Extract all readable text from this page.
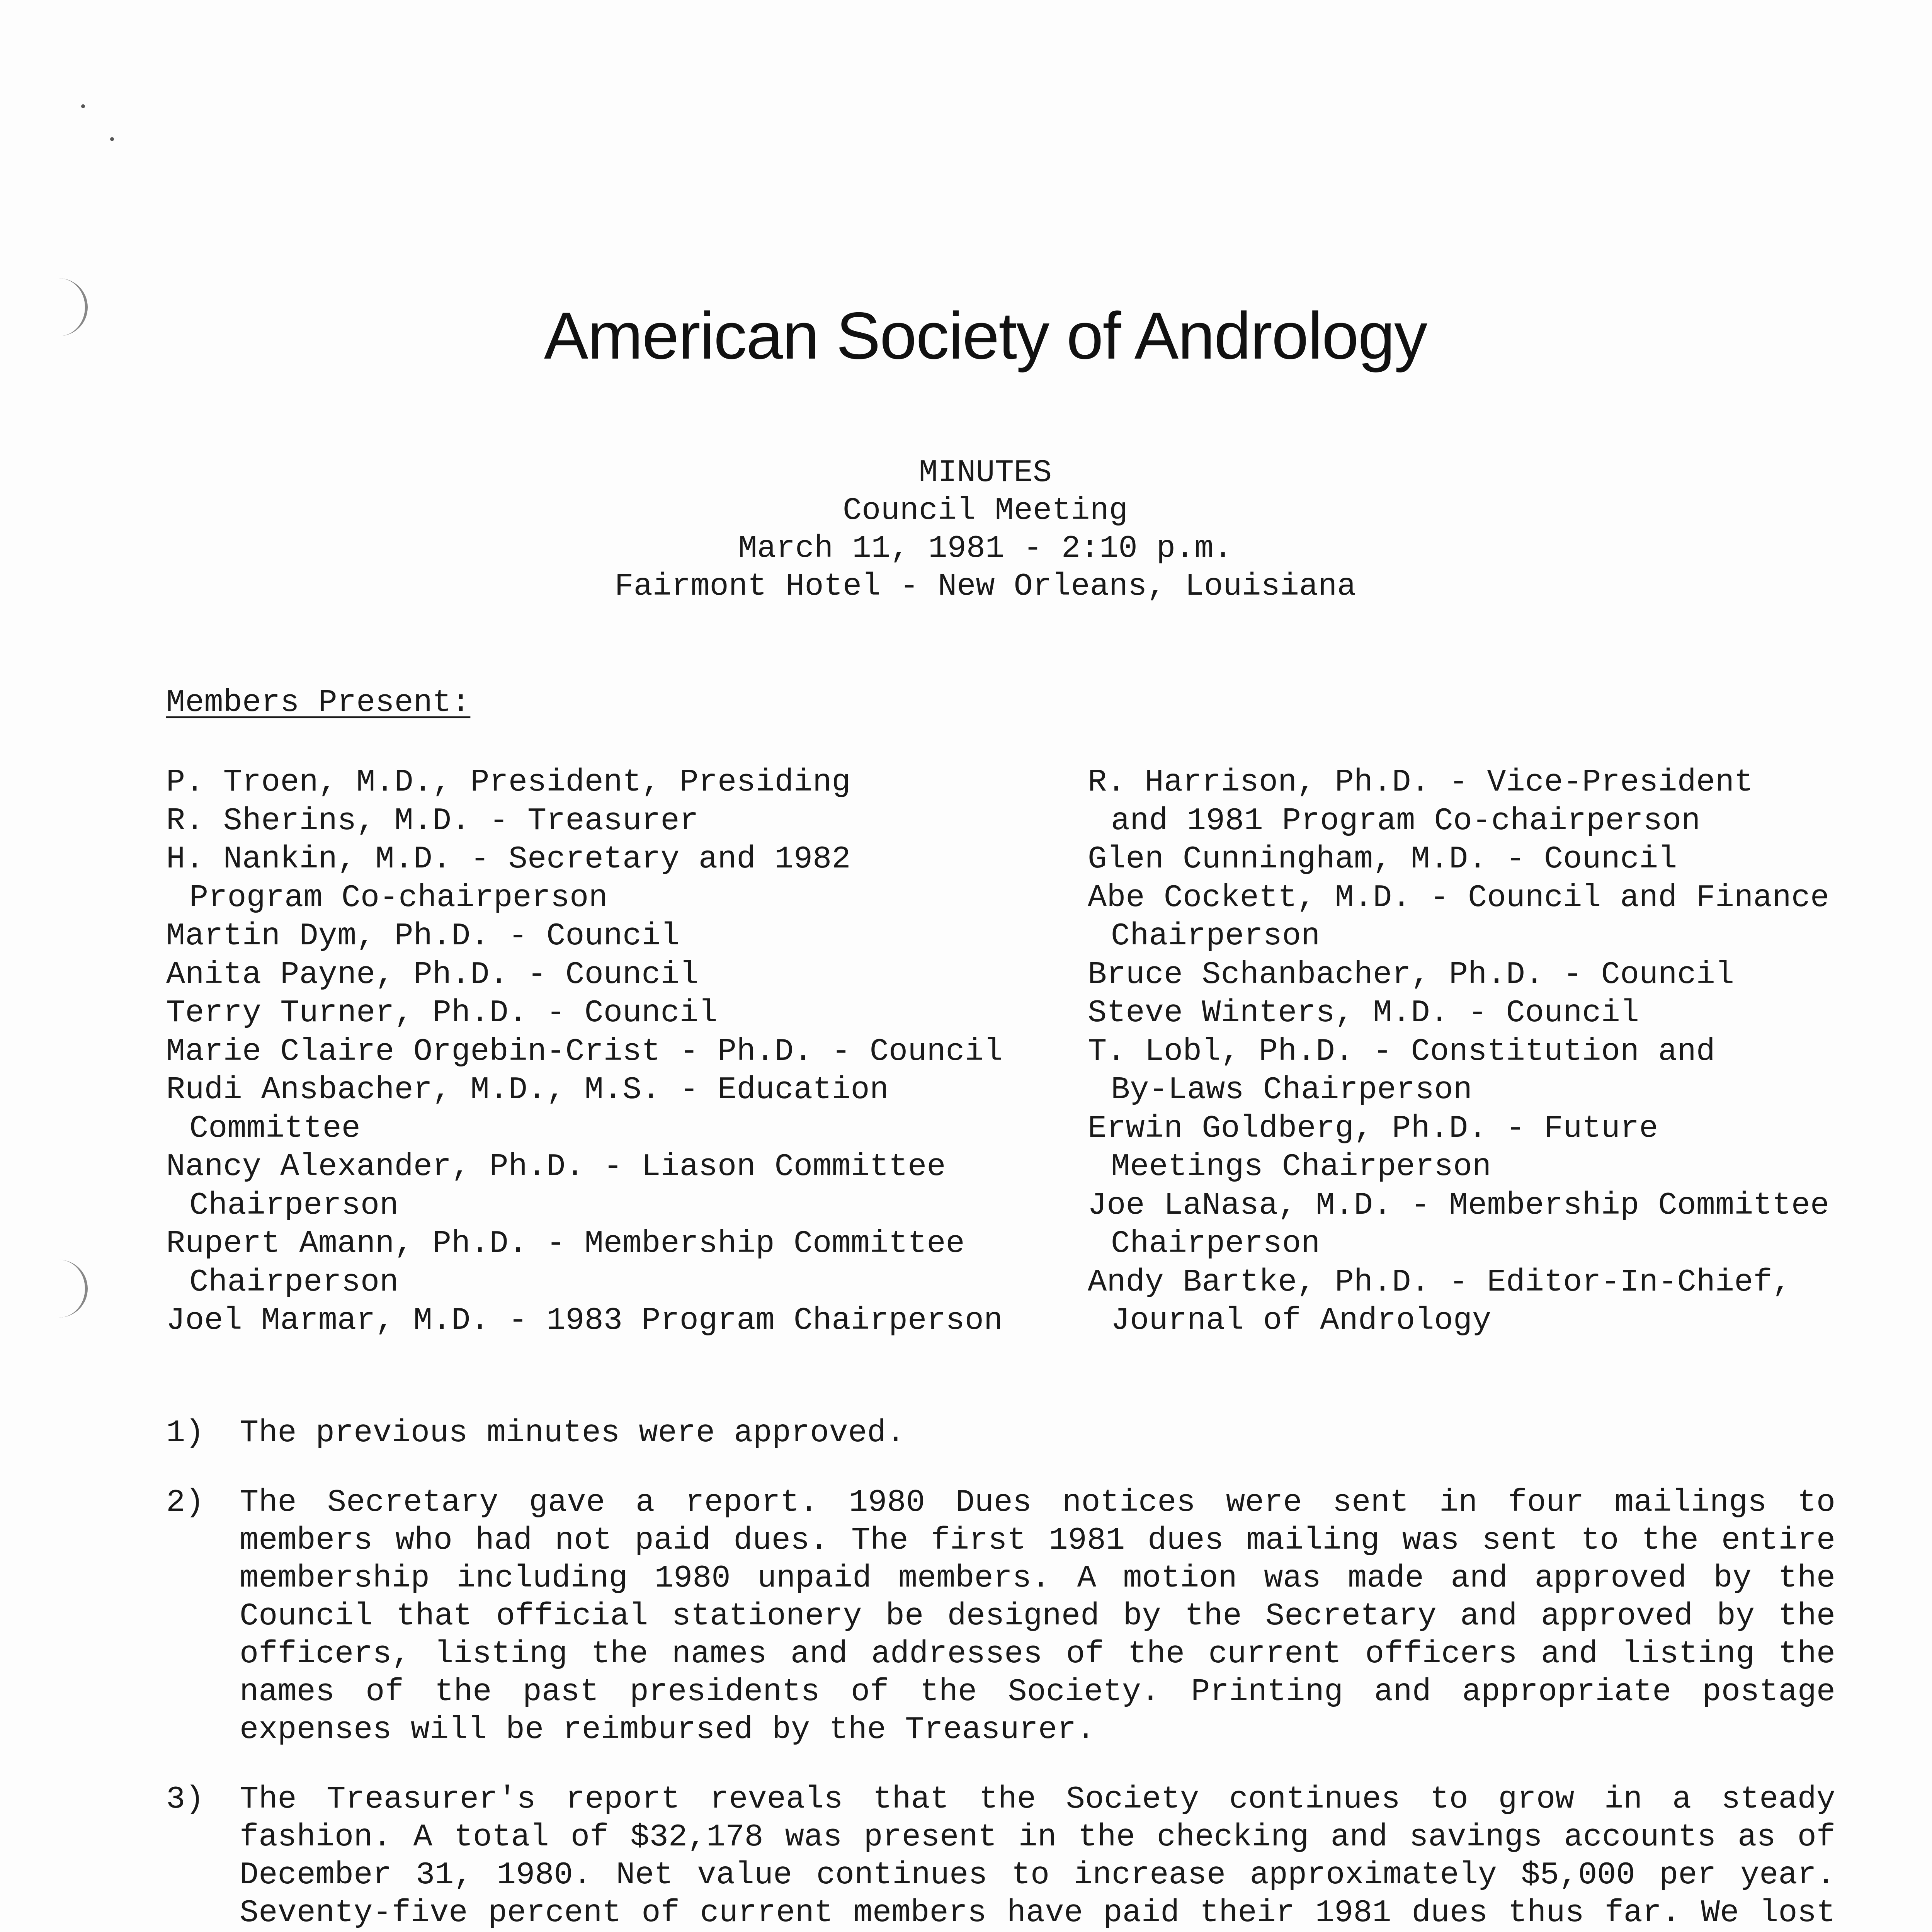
American Society of Andrology
MINUTES
Council Meeting
March 11, 1981 - 2:10 p.m.
Fairmont Hotel - New Orleans, Louisiana
Members Present:
P. Troen, M.D., President, Presiding
R. Sherins, M.D. - Treasurer
H. Nankin, M.D. - Secretary and 1982
Program Co-chairperson
Martin Dym, Ph.D. - Council
Anita Payne, Ph.D. - Council
Terry Turner, Ph.D. - Council
Marie Claire Orgebin-Crist - Ph.D. - Council
Rudi Ansbacher, M.D., M.S. - Education
Committee
Nancy Alexander, Ph.D. - Liason Committee
Chairperson
Rupert Amann, Ph.D. - Membership Committee
Chairperson
Joel Marmar, M.D. - 1983 Program Chairperson
R. Harrison, Ph.D. - Vice-President
and 1981 Program Co-chairperson
Glen Cunningham, M.D. - Council
Abe Cockett, M.D. - Council and Finance
Chairperson
Bruce Schanbacher, Ph.D. - Council
Steve Winters, M.D. - Council
T. Lobl, Ph.D. - Constitution and
By-Laws Chairperson
Erwin Goldberg, Ph.D. - Future
Meetings Chairperson
Joe LaNasa, M.D. - Membership Committee
Chairperson
Andy Bartke, Ph.D. - Editor-In-Chief,
Journal of Andrology
1)	The previous minutes were approved.
2)	The Secretary gave a report. 1980 Dues notices were sent in four mailings to members who had not paid dues. The first 1981 dues mailing was sent to the entire membership including 1980 unpaid members. A motion was made and approved by the Council that official stationery be designed by the Secretary and approved by the officers, listing the names and addresses of the current officers and listing the names of the past presidents of the Society. Printing and appropriate postage expenses will be reimbursed by the Treasurer.
3)	The Treasurer's report reveals that the Society continues to grow in a steady fashion. A total of $32,178 was present in the checking and savings accounts as of December 31, 1980. Net value continues to increase approximately $5,000 per year. Seventy-five percent of current members have paid their 1981 dues thus far. We lost
